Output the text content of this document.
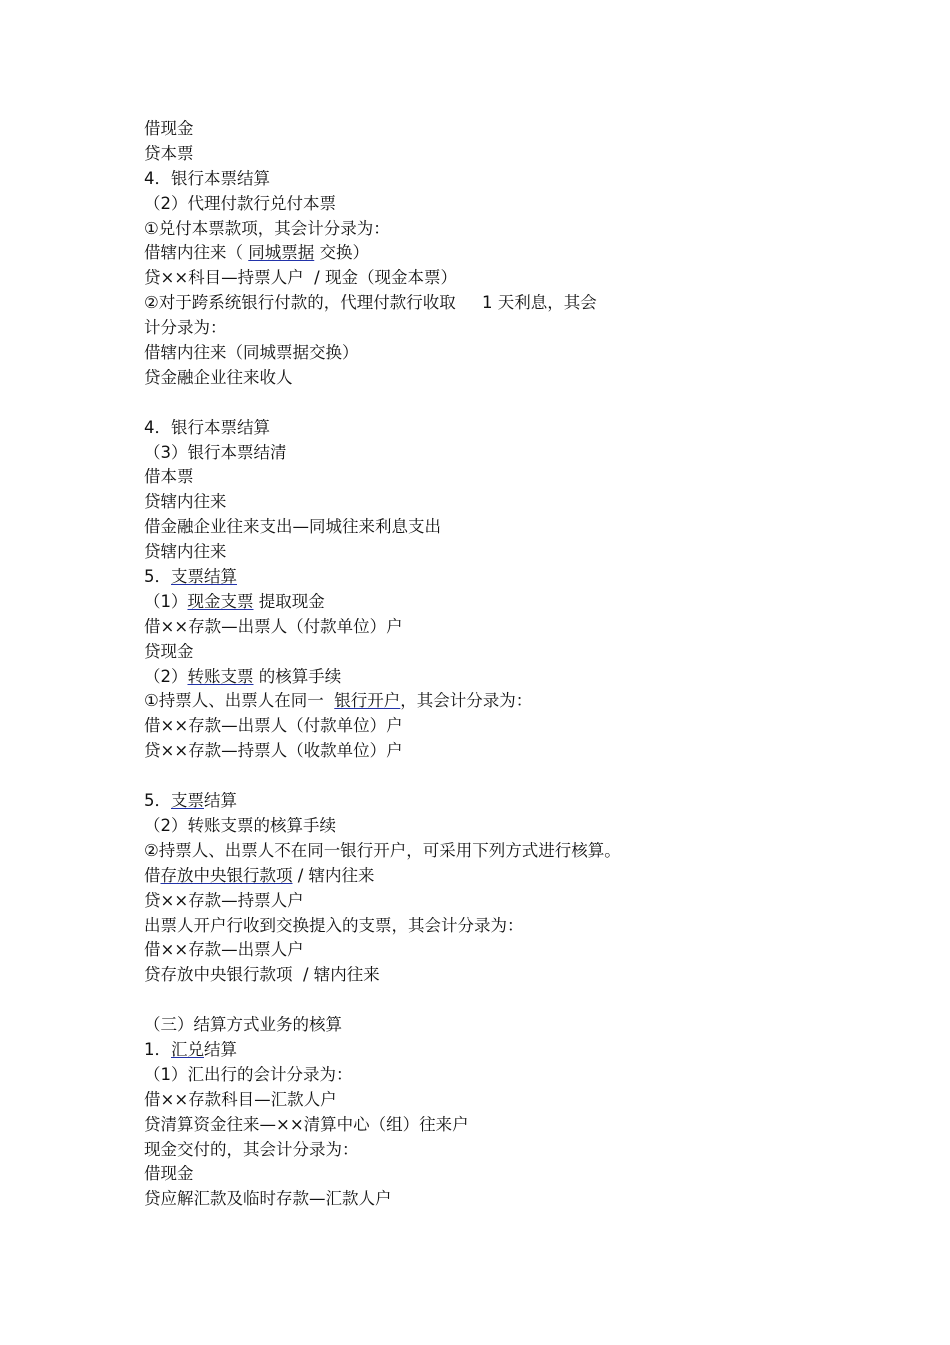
借现金
贷本票
4．银行本票结算
（2）代理付款行兑付本票
①兑付本票款项，其会计分录为：
借辖内往来（ 同城票据 交换）
贷××科目—持票人户  / 现金（现金本票）
②对于跨系统银行付款的，代理付款行收取     1 天利息，其会
计分录为：
借辖内往来（同城票据交换）
贷金融企业往来收人
4．银行本票结算
（3）银行本票结清
借本票
贷辖内往来
借金融企业往来支出—同城往来利息支出
贷辖内往来
5．支票结算
（1）现金支票 提取现金
借××存款—出票人（付款单位）户
贷现金
（2）转账支票 的核算手续
①持票人、出票人在同一  银行开户，其会计分录为：
借××存款—出票人（付款单位）户
贷××存款—持票人（收款单位）户
5．支票结算
（2）转账支票的核算手续
②持票人、出票人不在同一银行开户，可采用下列方式进行核算。
借存放中央银行款项 / 辖内往来
贷××存款—持票人户
出票人开户行收到交换提入的支票，其会计分录为：
借××存款—出票人户
贷存放中央银行款项  / 辖内往来
（三）结算方式业务的核算
1．汇兑结算
（1）汇出行的会计分录为：
借××存款科目—汇款人户
贷清算资金往来—××清算中心（组）往来户
现金交付的，其会计分录为：
借现金
贷应解汇款及临时存款—汇款人户
